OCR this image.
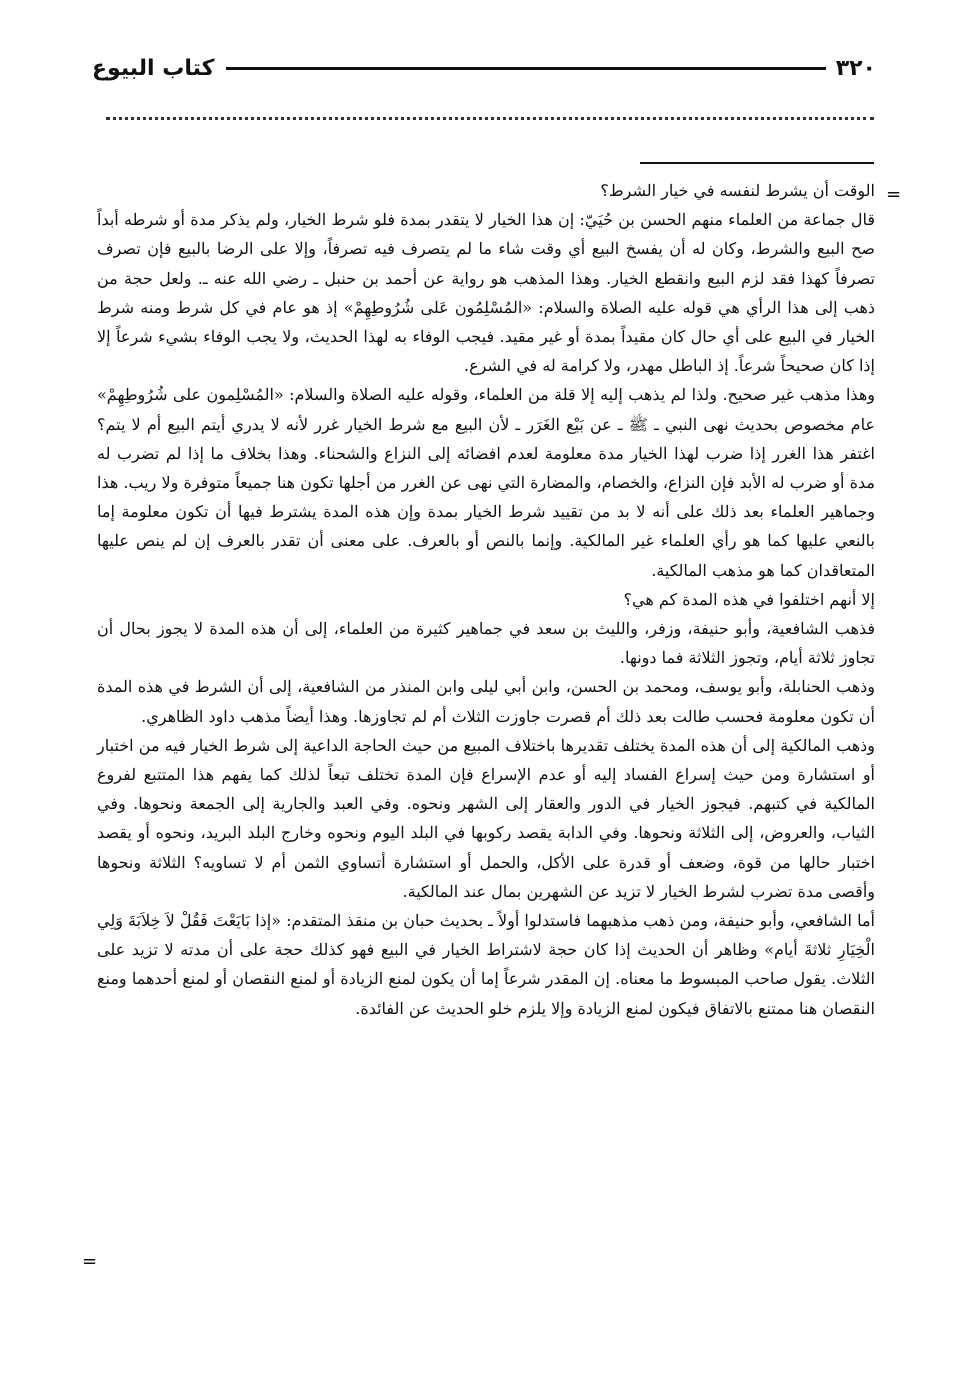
كتاب البيوع	٣٢٠
=

الوقت أن يشرط لنفسه في خيار الشرط؟

قال جماعة من العلماء منهم الحسن بن حُيَيّ: إن هذا الخيار لا يتقدر بمدة فلو شرط الخيار، ولم يذكر مدة أو شرطه أبداً صح البيع والشرط، وكان له أن يفسخ البيع أي وقت شاء ما لم يتصرف فيه تصرفاً، وإلا على الرضا بالبيع فإن تصرف تصرفاً كهذا فقد لزم البيع وانقطع الخيار. وهذا المذهب هو رواية عن أحمد بن حنبل ـ رضي الله عنه ـ. ولعل حجة من ذهب إلى هذا الرأي هي قوله عليه الصلاة والسلام: «المُسْلِمُون عَلى شُرُوطِهِمْ» إذ هو عام في كل شرط ومنه شرط الخيار في البيع على أي حال كان مقيداً بمدة أو غير مقيد. فيجب الوفاء به لهذا الحديث، ولا يجب الوفاء بشيء شرعاً إلا إذا كان صحيحاً شرعاً. إذ الباطل مهدر، ولا كرامة له في الشرع.

وهذا مذهب غير صحيح. ولذا لم يذهب إليه إلا قلة من العلماء، وقوله عليه الصلاة والسلام: «المُسْلِمون على شُرُوطِهِمْ» عام مخصوص بحديث نهى النبي ـ ﷺ ـ عن بَيْع الغَرَر ـ لأن البيع مع شرط الخيار غرر لأنه لا يدري أيتم البيع أم لا يتم؟ اغتفر هذا الغرر إذا ضرب لهذا الخيار مدة معلومة لعدم افضائه إلى النزاع والشحناء. وهذا بخلاف ما إذا لم تضرب له مدة أو ضرب له الأبد فإن النزاع، والخصام، والمضارة التي نهى عن الغرر من أجلها تكون هنا جميعاً متوفرة ولا ريب. هذا وجماهير العلماء بعد ذلك على أنه لا بد من تقييد شرط الخيار بمدة وإن هذه المدة يشترط فيها أن تكون معلومة إما بالنعي عليها كما هو رأي العلماء غير المالكية. وإنما بالنص أو بالعرف. على معنى أن تقدر بالعرف إن لم ينص عليها المتعاقدان كما هو مذهب المالكية.

إلا أنهم اختلفوا في هذه المدة كم هي؟

فذهب الشافعية، وأبو حنيفة، وزفر، والليث بن سعد في جماهير كثيرة من العلماء، إلى أن هذه المدة لا يجوز بحال أن تجاوز ثلاثة أيام، وتجوز الثلاثة فما دونها.

وذهب الحنابلة، وأبو يوسف، ومحمد بن الحسن، وابن أبي ليلى وابن المنذر من الشافعية، إلى أن الشرط في هذه المدة أن تكون معلومة فحسب طالت بعد ذلك أم قصرت جاوزت الثلاث أم لم تجاوزها. وهذا أيضاً مذهب داود الظاهري.

وذهب المالكية إلى أن هذه المدة يختلف تقديرها باختلاف المبيع من حيث الحاجة الداعية إلى شرط الخيار فيه من اختبار أو استشارة ومن حيث إسراع الفساد إليه أو عدم الإسراع فإن المدة تختلف تبعاً لذلك كما يفهم هذا المتتبع لفروع المالكية في كتبهم. فيجوز الخيار في الدور والعقار إلى الشهر ونحوه. وفي العبد والجارية إلى الجمعة ونحوها. وفي الثياب، والعروض، إلى الثلاثة ونحوها. وفي الدابة يقصد ركوبها في البلد اليوم ونحوه وخارج البلد البريد، ونحوه أو يقصد اختبار حالها من قوة، وضعف أو قدرة على الأكل، والحمل أو استشارة أتساوي الثمن أم لا تساويه؟ الثلاثة ونحوها وأقصى مدة تضرب لشرط الخيار لا تزيد عن الشهرين بمال عند المالكية.

أما الشافعي، وأبو حنيفة، ومن ذهب مذهبهما فاستدلوا أولاً ـ بحديث حبان بن منقذ المتقدم: «إذا بَايَعْتَ فَقُلْ لاَ خِلاَبَةَ وَلِي الْخِيَارِ ثلاثةَ أيام» وظاهر أن الحديث إذا كان حجة لاشتراط الخيار في البيع فهو كذلك حجة على أن مدته لا تزيد على الثلاث. يقول صاحب المبسوط ما معناه. إن المقدر شرعاً إما أن يكون لمنع الزيادة أو لمنع النقصان أو لمنع أحدهما ومنع النقصان هنا ممتنع بالاتفاق فيكون لمنع الزيادة وإلا يلزم خلو الحديث عن الفائدة.

=
